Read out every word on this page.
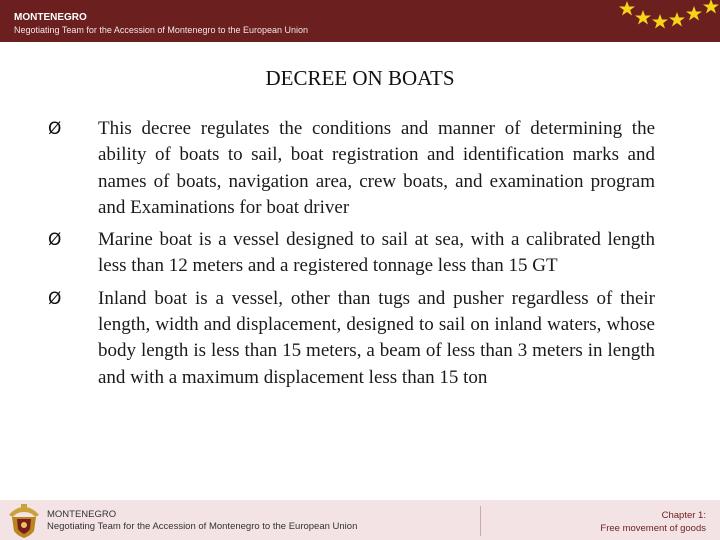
MONTENEGRO
Negotiating Team for the Accession of Montenegro to the European Union
DECREE ON BOATS
Ø This decree regulates the conditions and manner of determining the ability of boats to sail, boat registration and identification marks and names of boats, navigation area, crew boats, and examination program and Examinations for boat driver
Ø Marine boat is a vessel designed to sail at sea, with a calibrated length less than 12 meters and a registered tonnage less than 15 GT
Ø Inland boat is a vessel, other than tugs and pusher regardless of their length, width and displacement, designed to sail on inland waters, whose body length is less than 15 meters, a beam of less than 3 meters in length and with a maximum displacement less than 15 ton
MONTENEGRO
Negotiating Team for the Accession of Montenegro to the European Union
Chapter 1:
Free movement of goods
